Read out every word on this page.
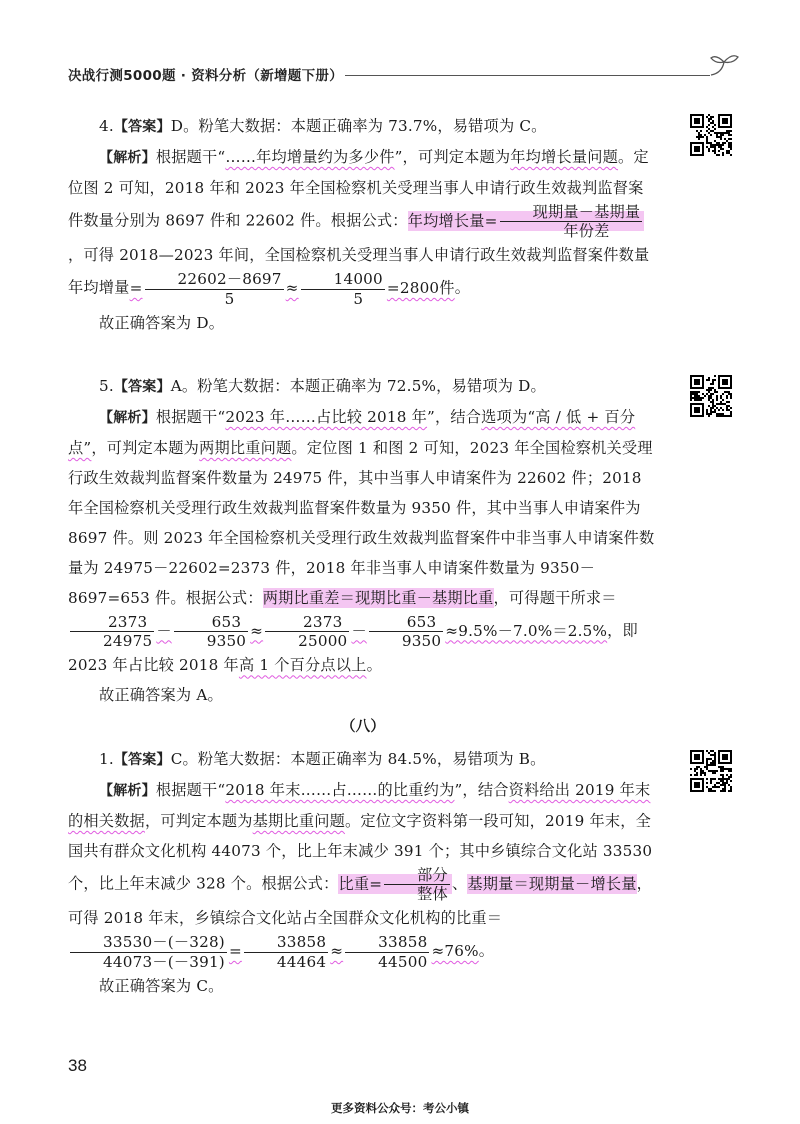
决战行测5000题 · 资料分析（新增题下册）

4.【答案】D。粉笔大数据：本题正确率为 73.7%，易错项为 C。

【解析】根据题干“……年均增量约为多少件”，可判定本题为年均增长量问题。定位图 2 可知，2018 年和 2023 年全国检察机关受理当事人申请行政生效裁判监督案件数量分别为 8697 件和 22602 件。根据公式：年均增长量= $\frac{\text{现期量－基期量}}{\text{年份差}}$
，可得 2018—2023 年间，全国检察机关受理当事人申请行政生效裁判监督案件数量年均增量= $\frac{22602-8697}{5} \approx \frac{14000}{5} =2800$件。

故正确答案为 D。

5.【答案】A。粉笔大数据：本题正确率为 72.5%，易错项为 D。

【解析】根据题干“2023 年……占比较 2018 年”，结合选项为“高 / 低 + 百分点”，可判定本题为两期比重问题。定位图 1 和图 2 可知，2023 年全国检察机关受理行政生效裁判监督案件数量为 24975 件，其中当事人申请案件为 22602 件；2018 年全国检察机关受理行政生效裁判监督案件数量为 9350 件，其中当事人申请案件为 8697 件。则 2023 年全国检察机关受理行政生效裁判监督案件中非当事人申请案件数量为 24975－22602=2373 件，2018 年非当事人申请案件数量为 9350－8697=653 件。根据公式：两期比重差＝现期比重－基期比重，可得题干所求＝
$\frac{2373}{24975} - \frac{653}{9350} \approx \frac{2373}{25000} - \frac{653}{9350} \approx 9.5\%-7.0\%=2.5\%$，即 2023 年占比较 2018 年高 1 个百分点以上。

故正确答案为 A。

（八）

1.【答案】C。粉笔大数据：本题正确率为 84.5%，易错项为 B。

【解析】根据题干“2018 年末……占……的比重约为”，结合资料给出 2019 年末的相关数据，可判定本题为基期比重问题。定位文字资料第一段可知，2019 年末，全国共有群众文化机构 44073 个，比上年末减少 391 个；其中乡镇综合文化站 33530 个，比上年末减少 328 个。根据公式：比重= $\frac{\text{部分}}{\text{整体}}$ 、基期量＝现期量－增长量，可得 2018 年末，乡镇综合文化站占全国群众文化机构的比重＝
$\frac{33530-(-328)}{44073-(-391)} = \frac{33858}{44464} \approx \frac{33858}{44500} \approx 76\%$。

故正确答案为 C。

38
更多资料公众号：考公小镇
